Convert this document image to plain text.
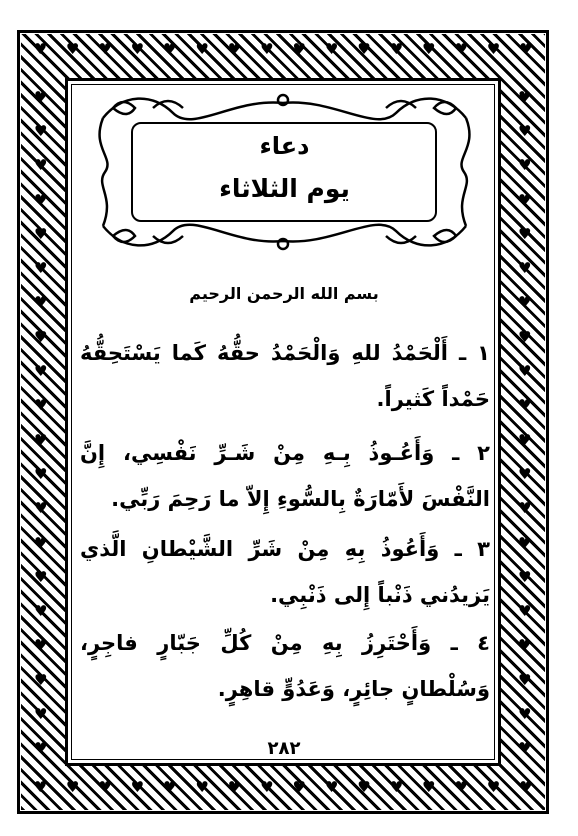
♥ ♥ ♥ ♥ ♥ ♥ ♥ ♥ ♥ ♥ ♥ ♥ ♥ ♥ ♥ ♥
♥ ♥ ♥ ♥ ♥ ♥ ♥ ♥ ♥ ♥ ♥ ♥ ♥ ♥ ♥ ♥
♥
♥
♥
♥
♥
♥
♥
♥
♥
♥
♥
♥
♥
♥
♥
♥
♥
♥
♥
♥
♥
♥
♥
♥
♥
♥
♥
♥
♥
♥
♥
♥
♥
♥
♥
♥
♥
♥
♥
♥
دعاء
يوم الثلاثاء
بسم الله الرحمن الرحيم
١ ـ أَلْحَمْدُ للهِ وَالْحَمْدُ حقُّهُ كَما يَسْتَحِقُّهُ حَمْداً كَثيراً.
٢ ـ وَأَعُـوذُ بِـهِ مِنْ شَـرِّ نَفْسِي، إِنَّ النَّفْسَ لأَمّارَةٌ بِالسُّوءِ إِلاّ ما رَحِمَ رَبِّي.
٣ ـ وَأَعُوذُ بِهِ مِنْ شَرِّ الشَّيْطانِ الَّذي يَزيدُني ذَنْباً إِلى ذَنْبِي.
٤ ـ وَأَحْتَرِزُ بِهِ مِنْ كُلِّ جَبّارٍ فاجِرٍ، وَسُلْطانٍ جائِرٍ، وَعَدُوٍّ قاهِرٍ.
٢٨٢
